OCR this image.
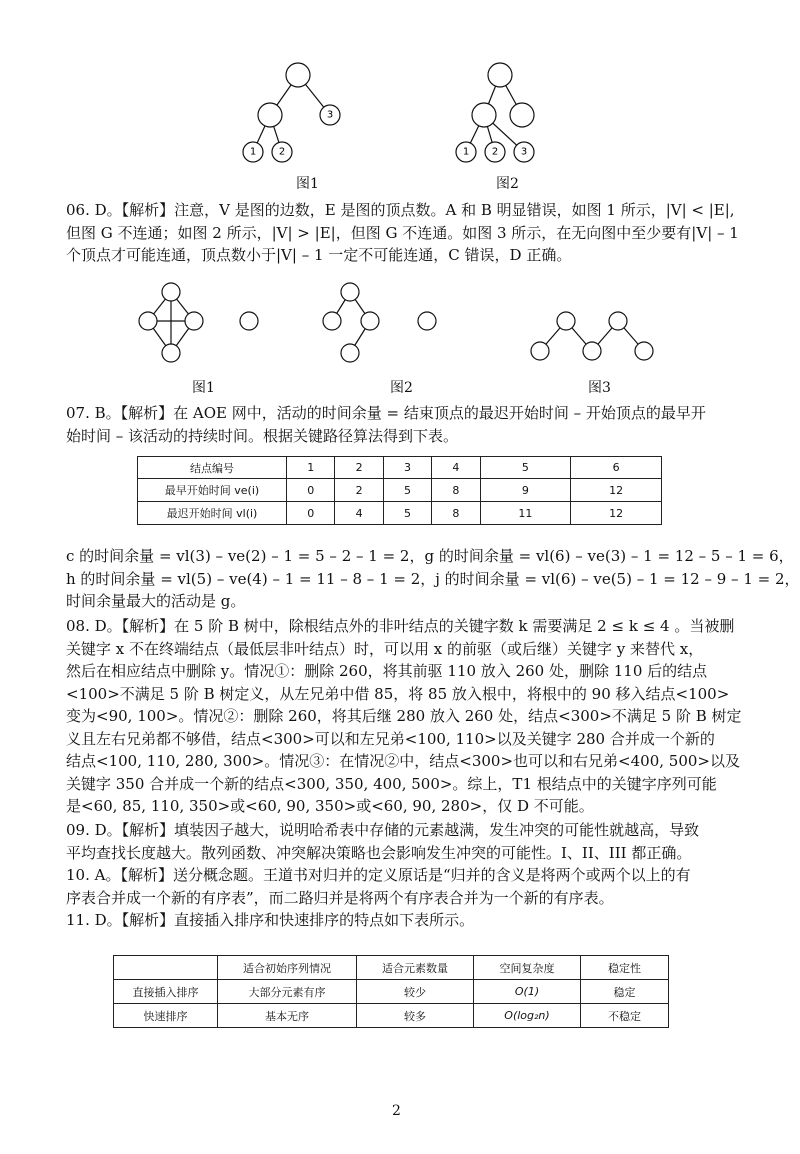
3
1 2
图1
1 2 3
图2
06. D。【解析】注意，V 是图的边数，E 是图的顶点数。A 和 B 明显错误，如图 1 所示，|V| < |E|,
但图 G 不连通；如图 2 所示，|V| > |E|，但图 G 不连通。如图 3 所示，在无向图中至少要有|V| – 1
个顶点才可能连通，顶点数小于|V| – 1 一定不可能连通，C 错误，D 正确。
图1	图2	图3
07. B。【解析】在 AOE 网中，活动的时间余量 = 结束顶点的最迟开始时间 – 开始顶点的最早开
始时间 – 该活动的持续时间。根据关键路径算法得到下表。
结点编号	1	2	3	4	5	6
最早开始时间 ve(i)	0	2	5	8	9	12
最迟开始时间 vl(i)	0	4	5	8	11	12
c 的时间余量 = vl(3) – ve(2) – 1 = 5 – 2 – 1 = 2，g 的时间余量 = vl(6) – ve(3) – 1 = 12 – 5 – 1 = 6，
h 的时间余量 = vl(5) – ve(4) – 1 = 11 – 8 – 1 = 2，j 的时间余量 = vl(6) – ve(5) – 1 = 12 – 9 – 1 = 2，
时间余量最大的活动是 g。
08. D。【解析】在 5 阶 B 树中，除根结点外的非叶结点的关键字数 k 需要满足 2 ≤ k ≤ 4 。当被删
关键字 x 不在终端结点（最低层非叶结点）时，可以用 x 的前驱（或后继）关键字 y 来替代 x，
然后在相应结点中删除 y。情况①：删除 260，将其前驱 110 放入 260 处，删除 110 后的结点
<100>不满足 5 阶 B 树定义，从左兄弟中借 85，将 85 放入根中，将根中的 90 移入结点<100>
变为<90, 100>。情况②：删除 260，将其后继 280 放入 260 处，结点<300>不满足 5 阶 B 树定
义且左右兄弟都不够借，结点<300>可以和左兄弟<100, 110>以及关键字 280 合并成一个新的
结点<100, 110, 280, 300>。情况③：在情况②中，结点<300>也可以和右兄弟<400, 500>以及
关键字 350 合并成一个新的结点<300, 350, 400, 500>。综上，T1 根结点中的关键字序列可能
是<60, 85, 110, 350>或<60, 90, 350>或<60, 90, 280>，仅 D 不可能。
09. D。【解析】填装因子越大，说明哈希表中存储的元素越满，发生冲突的可能性就越高，导致
平均查找长度越大。散列函数、冲突解决策略也会影响发生冲突的可能性。I、II、III 都正确。
10. A。【解析】送分概念题。王道书对归并的定义原话是“归并的含义是将两个或两个以上的有
序表合并成一个新的有序表”，而二路归并是将两个有序表合并为一个新的有序表。
11. D。【解析】直接插入排序和快速排序的特点如下表所示。
	适合初始序列情况	适合元素数量	空间复杂度	稳定性
直接插入排序	大部分元素有序	较少	O(1)	稳定
快速排序	基本无序	较多	O(log₂n)	不稳定
2
